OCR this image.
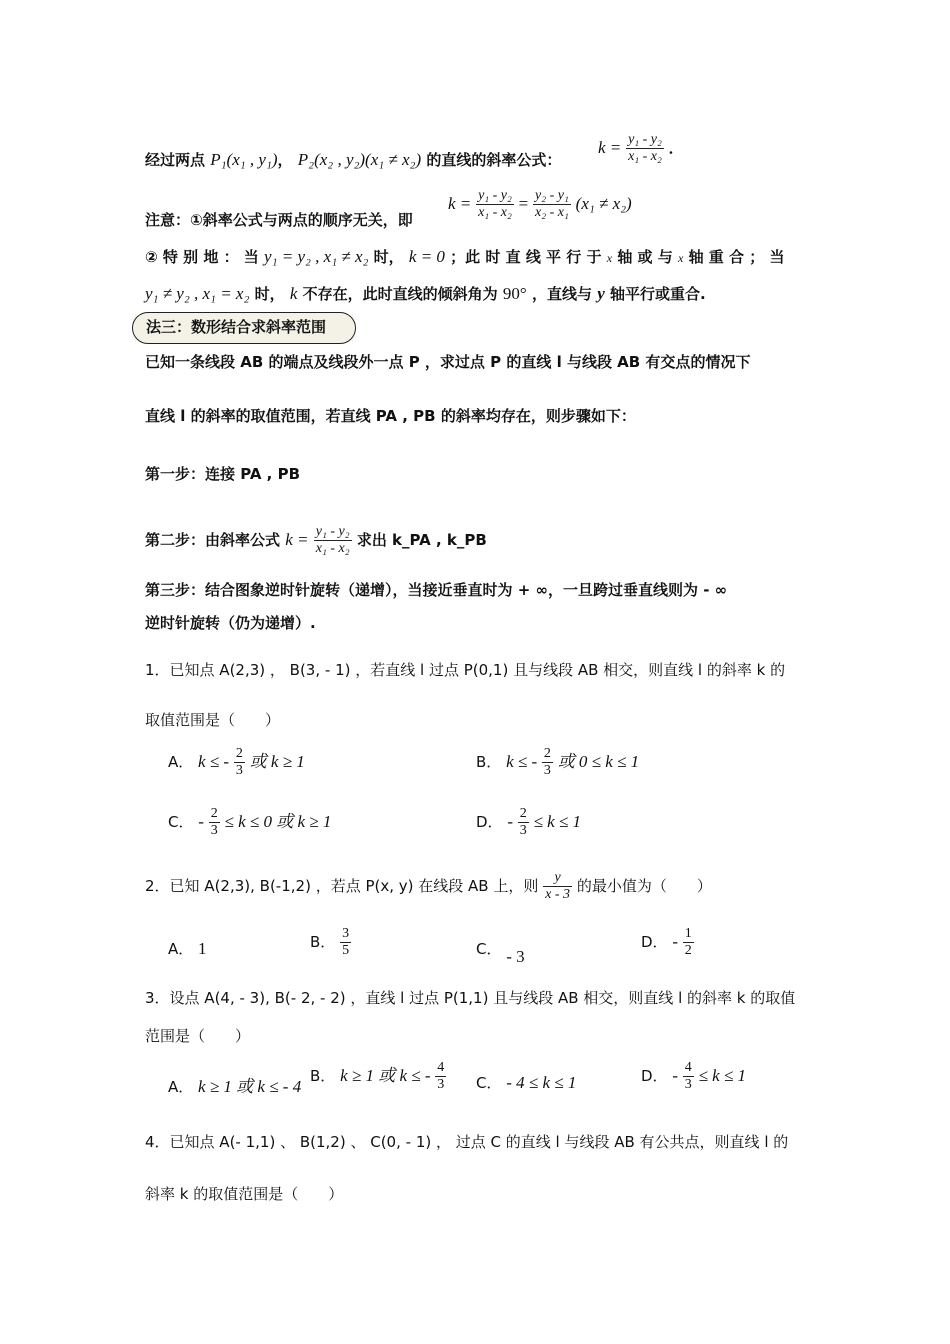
经过两点 P₁(x₁ , y₁)， P₂(x₂ , y₂)(x₁ ≠ x₂) 的直线的斜率公式：
$k = \frac{\text{y₁ - y₂}}{\text{x₁ - x₂}}$ ．
注意：①斜率公式与两点的顺序无关，即
$k = \frac{\text{y₁ - y₂}}{\text{x₁ - x₂}} = \frac{\text{y₂ - y₁}}{\text{x₂ - x₁}} (x_1 \ne x_2)$
② 特 别 地 ： 当 y₁ = y₂ , x₁ ≠ x₂ 时， k = 0 ；此 时 直 线 平 行 于 x 轴 或 与 x 轴 重 合 ； 当
y₁ ≠ y₂ , x₁ = x₂ 时， k 不存在，此时直线的倾斜角为 90° ，直线与 y 轴平行或重合.
法三：数形结合求斜率范围
已知一条线段 AB 的端点及线段外一点 P ，求过点 P 的直线 l 与线段 AB 有交点的情况下
直线 l 的斜率的取值范围，若直线 PA , PB 的斜率均存在，则步骤如下：
第一步：连接 PA , PB
第二步：由斜率公式 $k = \frac{\text{y₁ - y₂}}{\text{x₁ - x₂}}$ 求出 k_PA , k_PB
第三步：结合图象逆时针旋转（递增），当接近垂直时为 + ∞，一旦跨过垂直线则为 - ∞
逆时针旋转（仍为递增）.
1．已知点 A(2,3) ， B(3, - 1) ，若直线 l 过点 P(0,1) 且与线段 AB 相交，则直线 l 的斜率 k 的
取值范围是（　　）
A． k ≤ - $\frac{2}{3}$ 或 k ≥ 1	B． k ≤ - $\frac{2}{3}$ 或 0 ≤ k ≤ 1
C． - $\frac{2}{3} \le k \le 0$ 或 k ≥ 1	D． - $\frac{2}{3} \le k \le 1$
2．已知 A(2,3), B(-1,2) ，若点 P(x, y) 在线段 AB 上，则 $\frac{y}{x - 3}$ 的最小值为（　　）
A． 1	B． $\frac{3}{5}$	C． - 3
D． - $\frac{1}{2}$
3．设点 A(4, - 3), B(- 2, - 2) ，直线 l 过点 P(1,1) 且与线段 AB 相交，则直线 l 的斜率 k 的取值
范围是（　　）
A． k ≥ 1 或 k ≤ - 4
B． k ≥ 1 或 k ≤ - $\frac{4}{3}$ C． - 4 ≤ k ≤ 1	D． - $\frac{4}{3} \le k \le 1$
4．已知点 A(- 1,1) 、 B(1,2) 、 C(0, - 1) ， 过点 C 的直线 l 与线段 AB 有公共点，则直线 l 的
斜率 k 的取值范围是（　　）
